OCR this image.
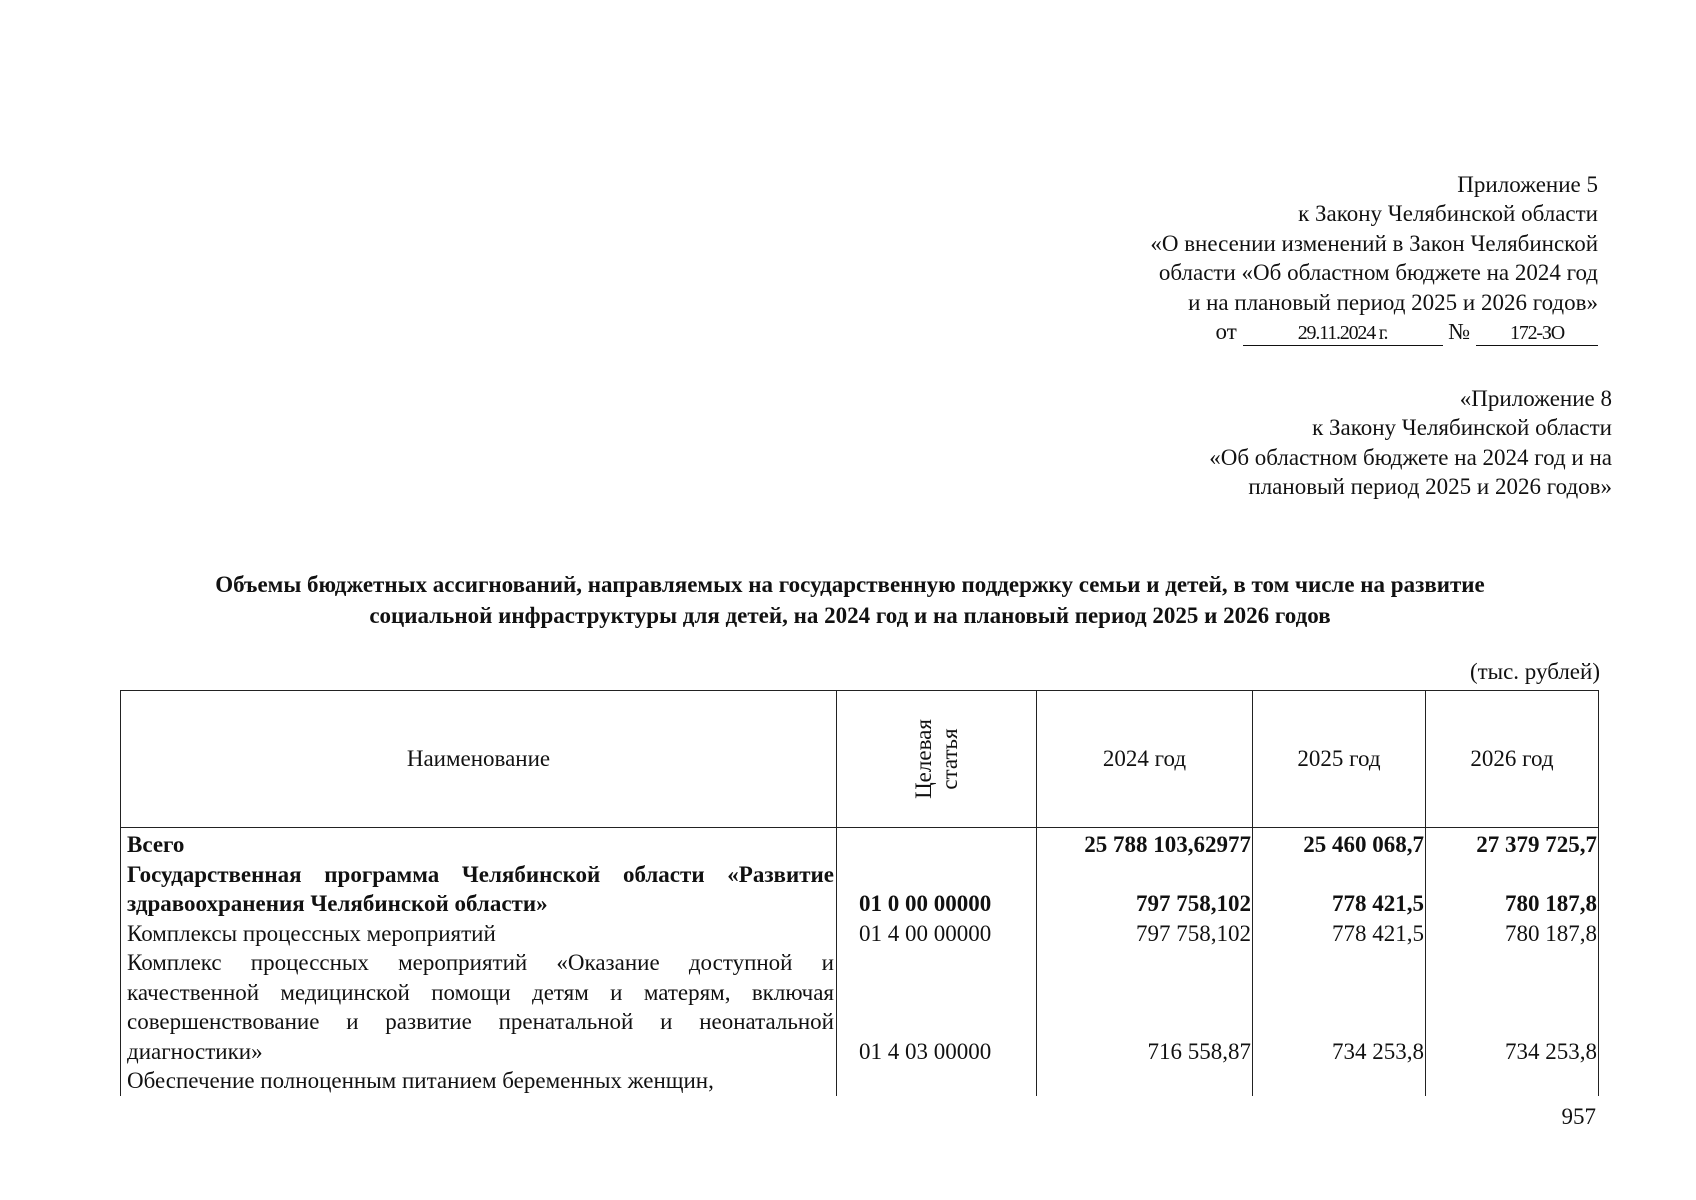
Приложение 5
к Закону Челябинской области
«О внесении изменений в Закон Челябинской
области «Об областном бюджете на 2024 год
и на плановый период 2025 и 2026 годов»
от	29.11.2024 г.	№ 172-ЗО
«Приложение 8
к Закону Челябинской области
«Об областном бюджете на 2024 год и на
плановый период 2025 и 2026 годов»
Объемы бюджетных ассигнований, направляемых на государственную поддержку семьи и детей, в том числе на развитие
социальной инфраструктуры для детей, на 2024 год и на плановый период 2025 и 2026 годов
(тыс. рублей)
Наименование	Целевая статья	2024 год	2025 год	2026 год
Всего		25 788 103,62977	25 460 068,7	27 379 725,7
Государственная программа Челябинской области «Развитие здравоохранения Челябинской области»	01 0 00 00000	797 758,102	778 421,5	780 187,8
Комплексы процессных мероприятий	01 4 00 00000	797 758,102	778 421,5	780 187,8
Комплекс процессных мероприятий «Оказание доступной и качественной медицинской помощи детям и матерям, включая совершенствование и развитие пренатальной и неонатальной диагностики»	01 4 03 00000	716 558,87	734 253,8	734 253,8
Обеспечение полноценным питанием беременных женщин,				
957
